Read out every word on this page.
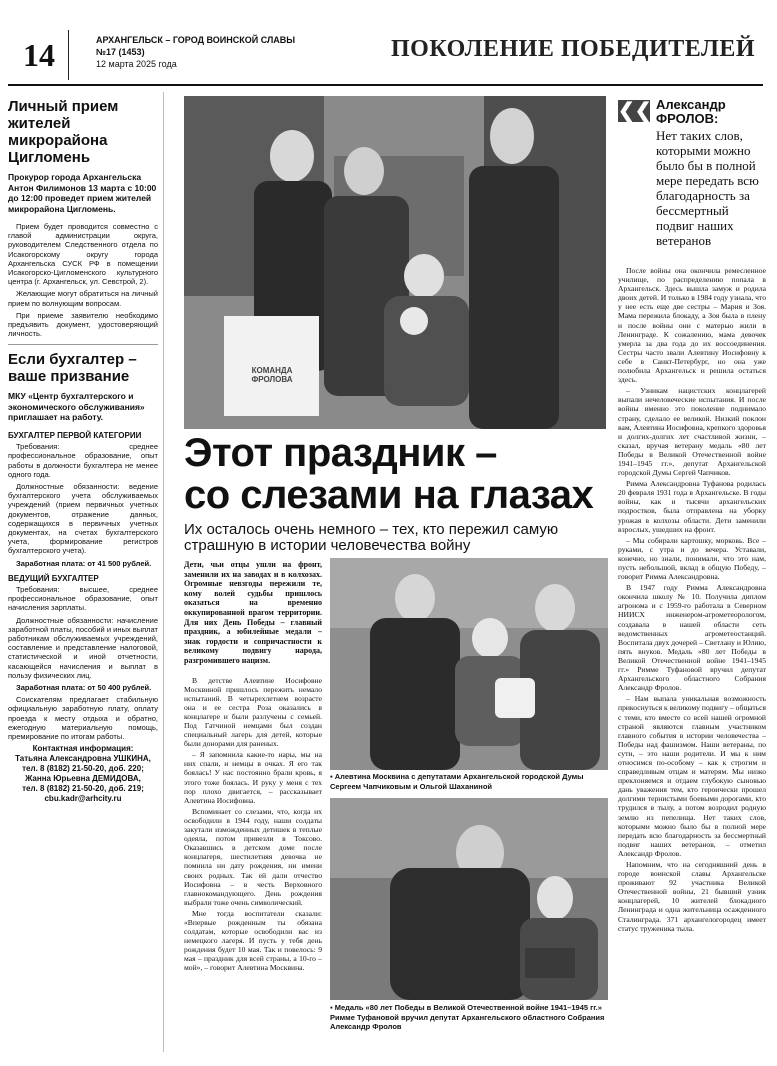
14	АРХАНГЕЛЬСК – ГОРОД ВОИНСКОЙ СЛАВЫ
№17 (1453)
12 марта 2025 года
ПОКОЛЕНИЕ ПОБЕДИТЕЛЕЙ
Личный прием жителей микрорайона Цигломень
Прокурор города Архангельска Антон Филимонов 13 марта с 10:00 до 12:00 проведет прием жителей микрорайона Цигломень.

Прием будет проводится совместно с главой администрации округа, руководителем Следственного отдела по Исакогорскому округу города Архангельска СУСК РФ в помещении Исакогорско-Цигломенского культурного центра (г. Архангельск, ул. Севстрой, 2).

Желающие могут обратиться на личный прием по волнующим вопросам.

При приеме заявителю необходимо предъявить документ, удостоверяющий личность.

Если бухгалтер – ваше призвание
МКУ «Центр бухгалтерского и экономического обслуживания» приглашает на работу.
БУХГАЛТЕР ПЕРВОЙ КАТЕГОРИИ

Требования: среднее профессиональное образование, опыт работы в должности бухгалтера не менее одного года.

Должностные обязанности: ведение бухгалтерского учета обслуживаемых учреждений (прием первичных учетных документов, отражение данных, содержащихся в первичных учетных документах, на счетах бухгалтерского учета, формирование регистров бухгалтерского учета).

Заработная плата: от 41 500 рублей.

ВЕДУЩИЙ БУХГАЛТЕР

Требования: высшее, среднее профессиональное образование, опыт начисления зарплаты.

Должностные обязанности: начисление заработной платы, пособий и иных выплат работникам обслуживаемых учреждений, составление и представление налоговой, статистической и иной отчетности, касающейся начисления и выплат в пользу физических лиц.

Заработная плата: от 50 400 рублей.

Соискателям предлагает стабильную официальную заработную плату, оплату проезда к месту отдыха и обратно, ежегодную материальную помощь, премирование по итогам работы.

Контактная информация:
Татьяна Александровна УШКИНА,
тел. 8 (8182) 21-50-20, доб. 220;
Жанна Юрьевна ДЕМИДОВА,
тел. 8 (8182) 21-50-20, доб. 219;
cbu.kadr@arhcity.ru
КОМАНДА ФРОЛОВА
❮❮ Александр ФРОЛОВ:
Нет таких слов, которыми можно было бы в полной мере передать всю благодарность за бессмертный подвиг наших ветеранов
Этот праздник –
со слезами на глазах
Их осталось очень немного – тех, кто пережил самую страшную в истории человечества войну

Дети, чьи отцы ушли на фронт, заменили их на заводах и в колхозах. Огромные невзгоды пережили те, кому волей судьбы пришлось оказаться на временно оккупированной врагом территории. Для них День Победы – главный праздник, а юбилейные медали – знак гордости и сопричастности к великому подвигу народа, разгромившего нацизм.

В детстве Алевтине Иосифовне Москвиной пришлось пережить немало испытаний. В четырехлетнем возрасте она и ее сестра Роза оказались в концлагере и были разлучены с семьей. Под Гатчиной немцами был создан специальный лагерь для детей, которые были донорами для раненых.

– Я запомнила какие-то нары, мы на них спали, и немцы в очках. Я его так боялась! У нас постоянно брали кровь, я этого тоже боялась. И руку у меня с тех пор плохо двигается, – рассказывает Алевтина Иосифовна.

Вспоминает со слезами, что, когда их освободили в 1944 году, наши солдаты закутали изможденных детишек в теплые одеяла, потом привезли в Токсово. Оказавшись в детском доме после концлагеря, шестилетняя девочка не помнила ни дату рождения, ни имени своих родных. Так ей дали отчество Иосифовна – в честь Верховного главнокомандующего. День рождения выбрали тоже очень символический.

Мне тогда воспитатели сказали: «Впервые рожденным ты обязана солдатам, которые освободили вас из немецкого лагеря. И пусть у тебя день рождения будет 10 мая. Так и повелось: 9 мая – праздник для всей страны, а 10-го – мой», – говорит Алевтина Москвина.

▪ Алевтина Москвина с депутатами Архангельской городской Думы Сергеем Чапчиковым и Ольгой Шаханиной
▪ Медаль «80 лет Победы в Великой Отечественной войне 1941–1945 гг.» Римме Туфановой вручил депутат Архангельского областного Собрания Александр Фролов

После войны она окончила ремесленное училище, по распределению попала в Архангельск. Здесь вышла замуж и родила двоих детей. И только в 1984 году узнала, что у нее есть еще две сестры – Мария и Зоя. Мама пережила блокаду, а Зоя была в плену и после войны они с матерью жили в Ленинграде. К сожалению, мама девочек умерла за два года до их воссоединения. Сестры часто звали Алевтину Иосифовну к себе в Санкт-Петербург, но она уже полюбила Архангельск и решила остаться здесь.

– Узникам нацистских концлагерей выпали нечеловеческие испытания. И после войны именно это поколение поднимало страну, сделало ее великой. Низкий поклон вам, Алевтина Иосифовна, крепкого здоровья и долгих-долгих лет счастливой жизни, – сказал, вручая ветерану медаль «80 лет Победы в Великой Отечественной войне 1941–1945 гг.», депутат Архангельской городской Думы Сергей Чапчиков.

Римма Александровна Туфанова родилась 20 февраля 1931 года в Архангельске. В годы войны, как и тысячи архангельских подростков, была отправлена на уборку урожая в колхозы области. Дети заменили взрослых, ушедших на фронт.

– Мы собирали картошку, морковь. Все – руками, с утра и до вечера. Уставали, конечно, но знали, понимали, что это нам, пусть небольшой, вклад в общую Победу, – говорит Римма Александровна.

В 1947 году Римма Александровна окончила школу № 10. Получила диплом агронома и с 1959-го работала в Северном НИИСХ инженером-агрометеорологом, создавала в нашей области сеть ведомственных агрометеостанций. Воспитала двух дочерей – Светлану и Юлию, пять внуков. Медаль «80 лет Победы в Великой Отечественной войне 1941–1945 гг.» Римме Туфановой вручил депутат Архангельского областного Собрания Александр Фролов.

– Нам выпала уникальная возможность прикоснуться к великому подвигу – общаться с теми, кто вместе со всей нашей огромной страной являются главным участником главного события в истории человечества – Победы над фашизмом. Наши ветераны, по сути, – это наши родители. И мы к ним относимся по-особому – как к строгим и справедливым отцам и матерям. Мы низко преклоняемся и отдаем глубокую сыновью дань уважения тем, кто героически прошел долгими тернистыми боевыми дорогами, кто трудился в тылу, а потом возродил родную землю из пепелища. Нет таких слов, которыми можно было бы в полной мере передать всю благодарность за бессмертный подвиг наших ветеранов, – отметил Александр Фролов.

Напомним, что на сегодняшний день в городе воинской славы Архангельске проживают 92 участника Великой Отечественной войны, 21 бывший узник концлагерей, 10 жителей блокадного Ленинграда и одна жительница осажденного Сталинграда. 371 архангелогородец имеет статус труженика тыла.
